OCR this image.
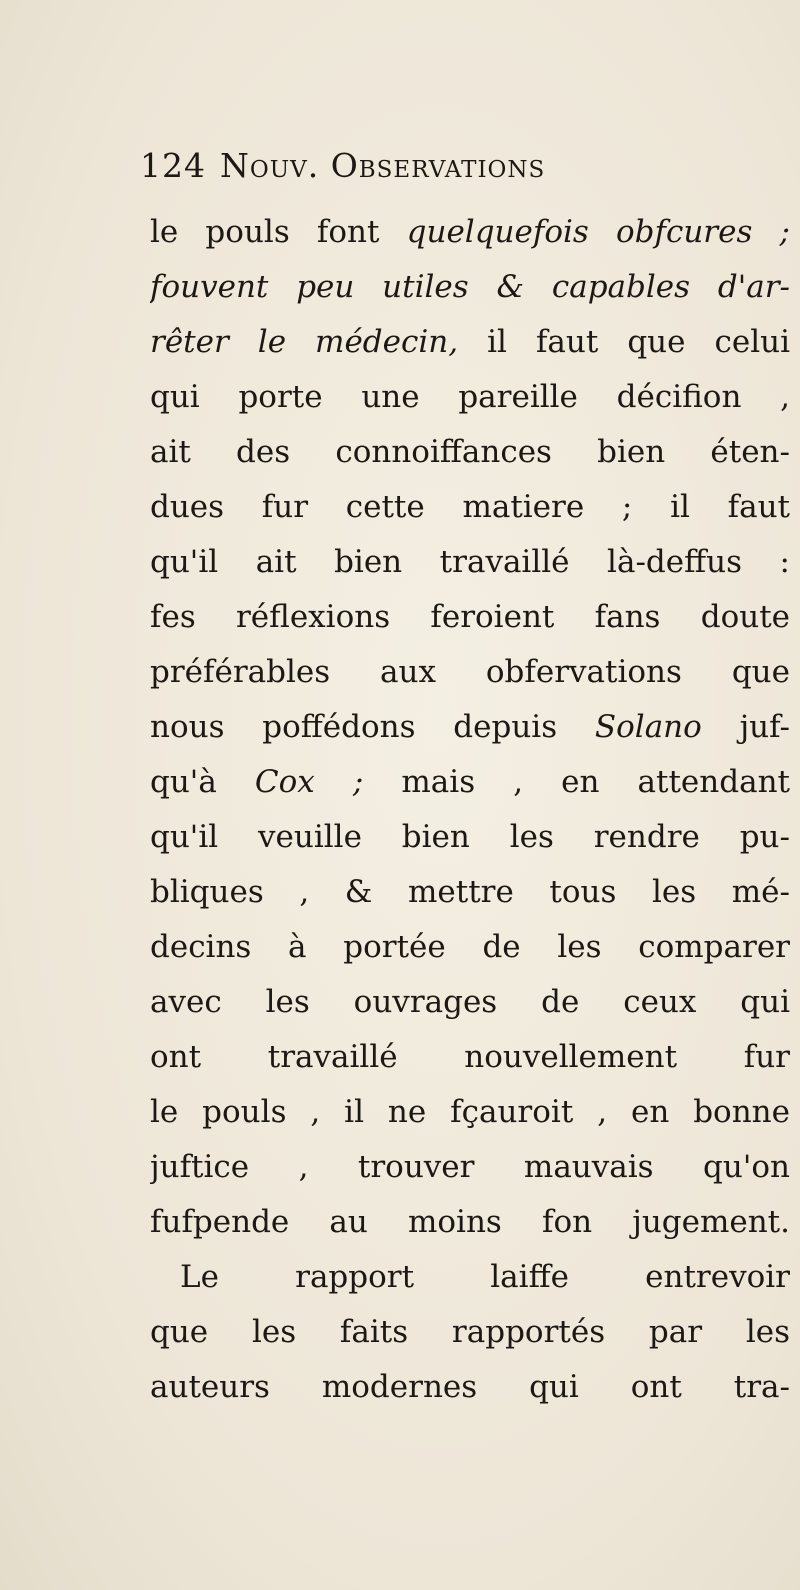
124 Nouv. Observations
le pouls font quelquefois obfcures ;
fouvent peu utiles & capables d'ar-
rêter le médecin, il faut que celui
qui porte une pareille décifion ,
ait des connoiffances bien éten-
dues fur cette matiere ; il faut
qu'il ait bien travaillé là-deffus :
fes réflexions feroient fans doute
préférables aux obfervations que
nous poffédons depuis Solano juf-
qu'à Cox ; mais , en attendant
qu'il veuille bien les rendre pu-
bliques , & mettre tous les mé-
decins à portée de les comparer
avec les ouvrages de ceux qui
ont travaillé nouvellement fur
le pouls , il ne fçauroit , en bonne
juftice , trouver mauvais qu'on
fufpende au moins fon jugement.
Le rapport laiffe entrevoir
que les faits rapportés par les
auteurs modernes qui ont tra-
